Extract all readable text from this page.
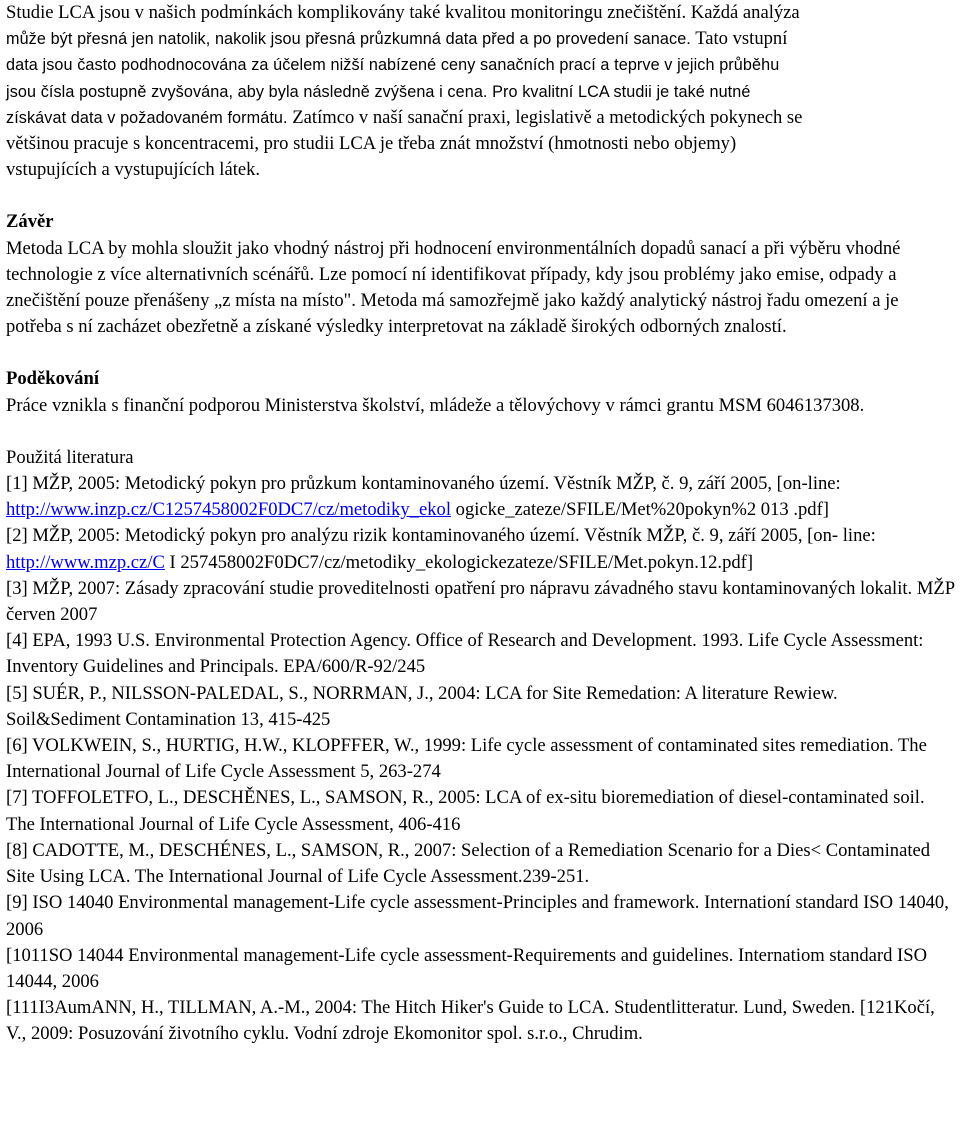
Studie LCA jsou v našich podmínkách komplikovány také kvalitou monitoringu znečištění. Každá analýza
může být přesná jen natolik, nakolik jsou přesná průzkumná data před a po provedení sanace. Tato vstupní
data jsou často podhodnocována za účelem nižší nabízené ceny sanačních prací a teprve v jejich průběhu
jsou čísla postupně zvyšována, aby byla následně zvýšena i cena. Pro kvalitní LCA studii je také nutné
získávat data v požadovaném formátu. Zatímco v naší sanační praxi, legislativě a metodických pokynech se
většinou pracuje s koncentracemi, pro studii LCA je třeba znát množství (hmotnosti nebo objemy)
vstupujících a vystupujících látek.

Závěr

Metoda LCA by mohla sloužit jako vhodný nástroj při hodnocení environmentálních dopadů sanací a při výběru vhodné technologie z více alternativních scénářů. Lze pomocí ní identifikovat případy, kdy jsou problémy jako emise, odpady a znečištění pouze přenášeny „z místa na místo". Metoda má samozřejmě jako každý analytický nástroj řadu omezení a je potřeba s ní zacházet obezřetně a získané výsledky interpretovat na základě širokých odborných znalostí.

Poděkování

Práce vznikla s finanční podporou Ministerstva školství, mládeže a tělovýchovy v rámci grantu MSM 6046137308.

Použitá literatura

[1] MŽP, 2005: Metodický pokyn pro průzkum kontaminovaného území. Věstník MŽP, č. 9, září 2005, [on-line: http://www.inzp.cz/C1257458002F0DC7/cz/metodiky_ekol ogicke_zateze/SFILE/Met%20pokyn%2 013 .pdf]

[2] MŽP, 2005: Metodický pokyn pro analýzu rizik kontaminovaného území. Věstník MŽP, č. 9, září 2005, [on- line: http://www.mzp.cz/C I 257458002F0DC7/cz/metodiky_ekologickezateze/SFILE/Met.pokyn.12.pdf]

[3] MŽP, 2007: Zásady zpracování studie proveditelnosti opatření pro nápravu závadného stavu kontaminovaných lokalit. MŽP červen 2007

[4] EPA, 1993 U.S. Environmental Protection Agency. Office of Research and Development. 1993. Life Cycle Assessment: Inventory Guidelines and Principals. EPA/600/R-92/245

[5] SUÉR, P., NILSSON-PALEDAL, S., NORRMAN, J., 2004: LCA for Site Remedation: A literature Rewiew. Soil&Sediment Contamination 13, 415-425

[6] VOLKWEIN, S., HURTIG, H.W., KLOPFFER, W., 1999: Life cycle assessment of contaminated sites remediation. The International Journal of Life Cycle Assessment 5, 263-274

[7] TOFFOLETFO, L., DESCHĚNES, L., SAMSON, R., 2005: LCA of ex-situ bioremediation of diesel-contaminated soil. The International Journal of Life Cycle Assessment, 406-416

[8] CADOTTE, M., DESCHÉNES, L., SAMSON, R., 2007: Selection of a Remediation Scenario for a Dies< Contaminated Site Using LCA. The International Journal of Life Cycle Assessment.239-251.

[9] ISO 14040 Environmental management-Life cycle assessment-Principles and framework. Internationí standard ISO 14040, 2006

[1011SO 14044 Environmental management-Life cycle assessment-Requirements and guidelines. Internatiom standard ISO 14044, 2006

[111I3AumANN, H., TILLMAN, A.-M., 2004: The Hitch Hiker's Guide to LCA. Studentlitteratur. Lund, Sweden. [121Kočí, V., 2009: Posuzování životního cyklu. Vodní zdroje Ekomonitor spol. s.r.o., Chrudim.
